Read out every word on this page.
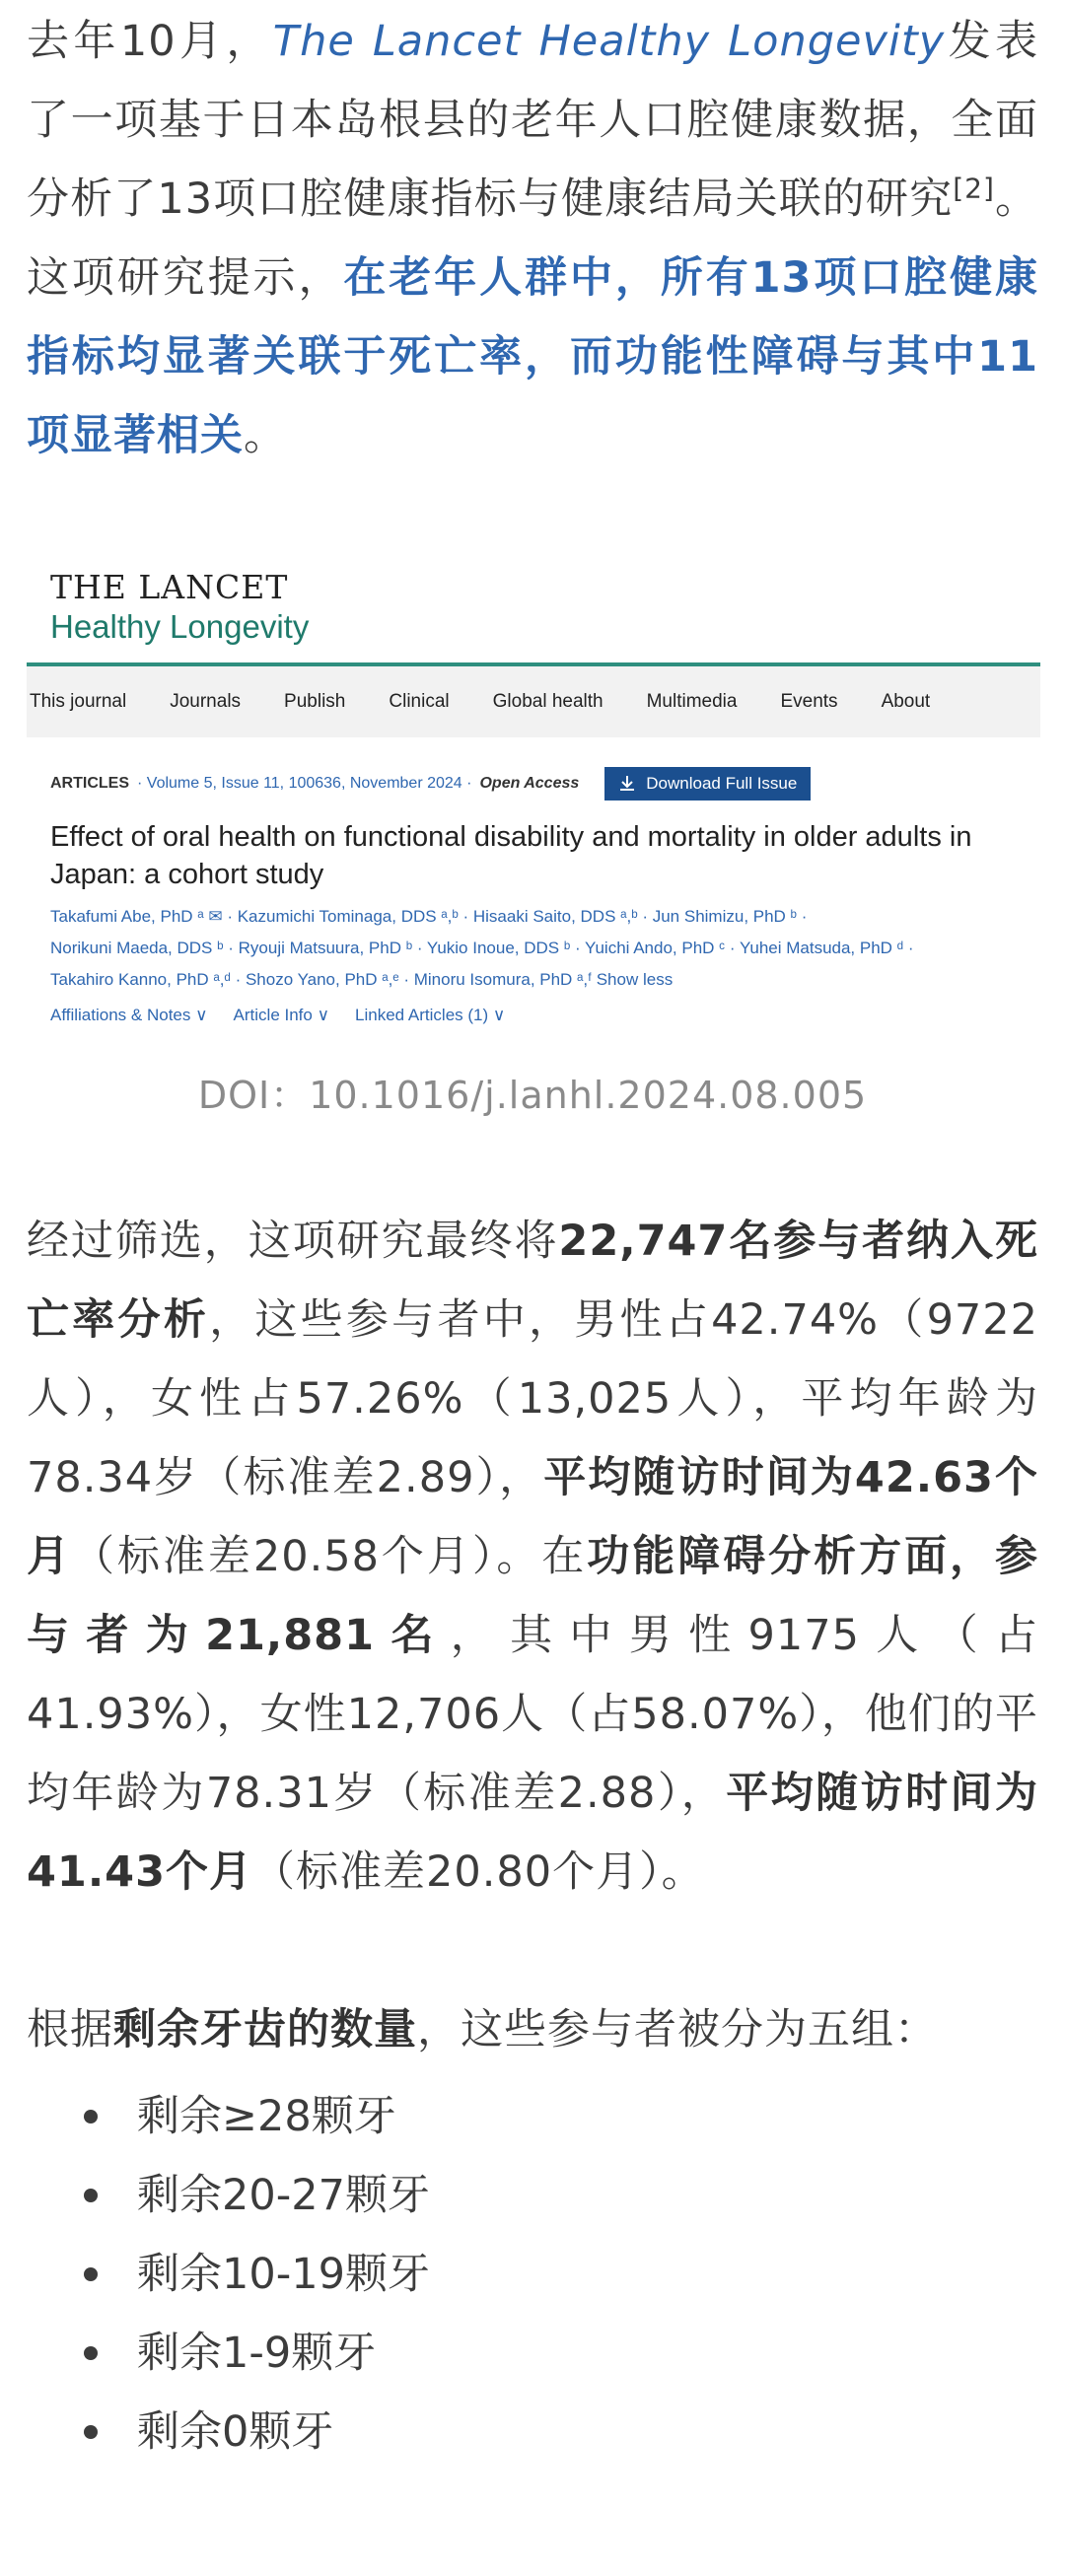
去年10月，The Lancet Healthy Longevity发表了一项基于日本岛根县的老年人口腔健康数据，全面分析了13项口腔健康指标与健康结局关联的研究[2]。这项研究提示，在老年人群中，所有13项口腔健康指标均显著关联于死亡率，而功能性障碍与其中11项显著相关。

THE LANCET
Healthy Longevity
This journal Journals Publish Clinical Global health Multimedia Events About
ARTICLES · Volume 5, Issue 11, 100636, November 2024 · Open Access	Download Full Issue
Effect of oral health on functional disability and mortality in older adults in Japan: a cohort study
Takafumi Abe, PhD ᵃ ✉ · Kazumichi Tominaga, DDS ᵃ,ᵇ · Hisaaki Saito, DDS ᵃ,ᵇ · Jun Shimizu, PhD ᵇ ·
Norikuni Maeda, DDS ᵇ · Ryouji Matsuura, PhD ᵇ · Yukio Inoue, DDS ᵇ · Yuichi Ando, PhD ᶜ · Yuhei Matsuda, PhD ᵈ ·
Takahiro Kanno, PhD ᵃ,ᵈ · Shozo Yano, PhD ᵃ,ᵉ · Minoru Isomura, PhD ᵃ,ᶠ Show less
Affiliations & Notes ∨ Article Info ∨ Linked Articles (1) ∨
DOI：10.1016/j.lanhl.2024.08.005

经过筛选，这项研究最终将22,747名参与者纳入死亡率分析，这些参与者中，男性占42.74%（9722人），女性占57.26%（13,025人），平均年龄为78.34岁（标准差2.89），平均随访时间为42.63个月（标准差20.58个月）。在功能障碍分析方面，参与者为21,881名，其中男性9175人（占41.93%），女性12,706人（占58.07%），他们的平均年龄为78.31岁（标准差2.88），平均随访时间为41.43个月（标准差20.80个月）。

根据剩余牙齿的数量，这些参与者被分为五组：

剩余≥28颗牙
剩余20-27颗牙
剩余10-19颗牙
剩余1-9颗牙
剩余0颗牙
